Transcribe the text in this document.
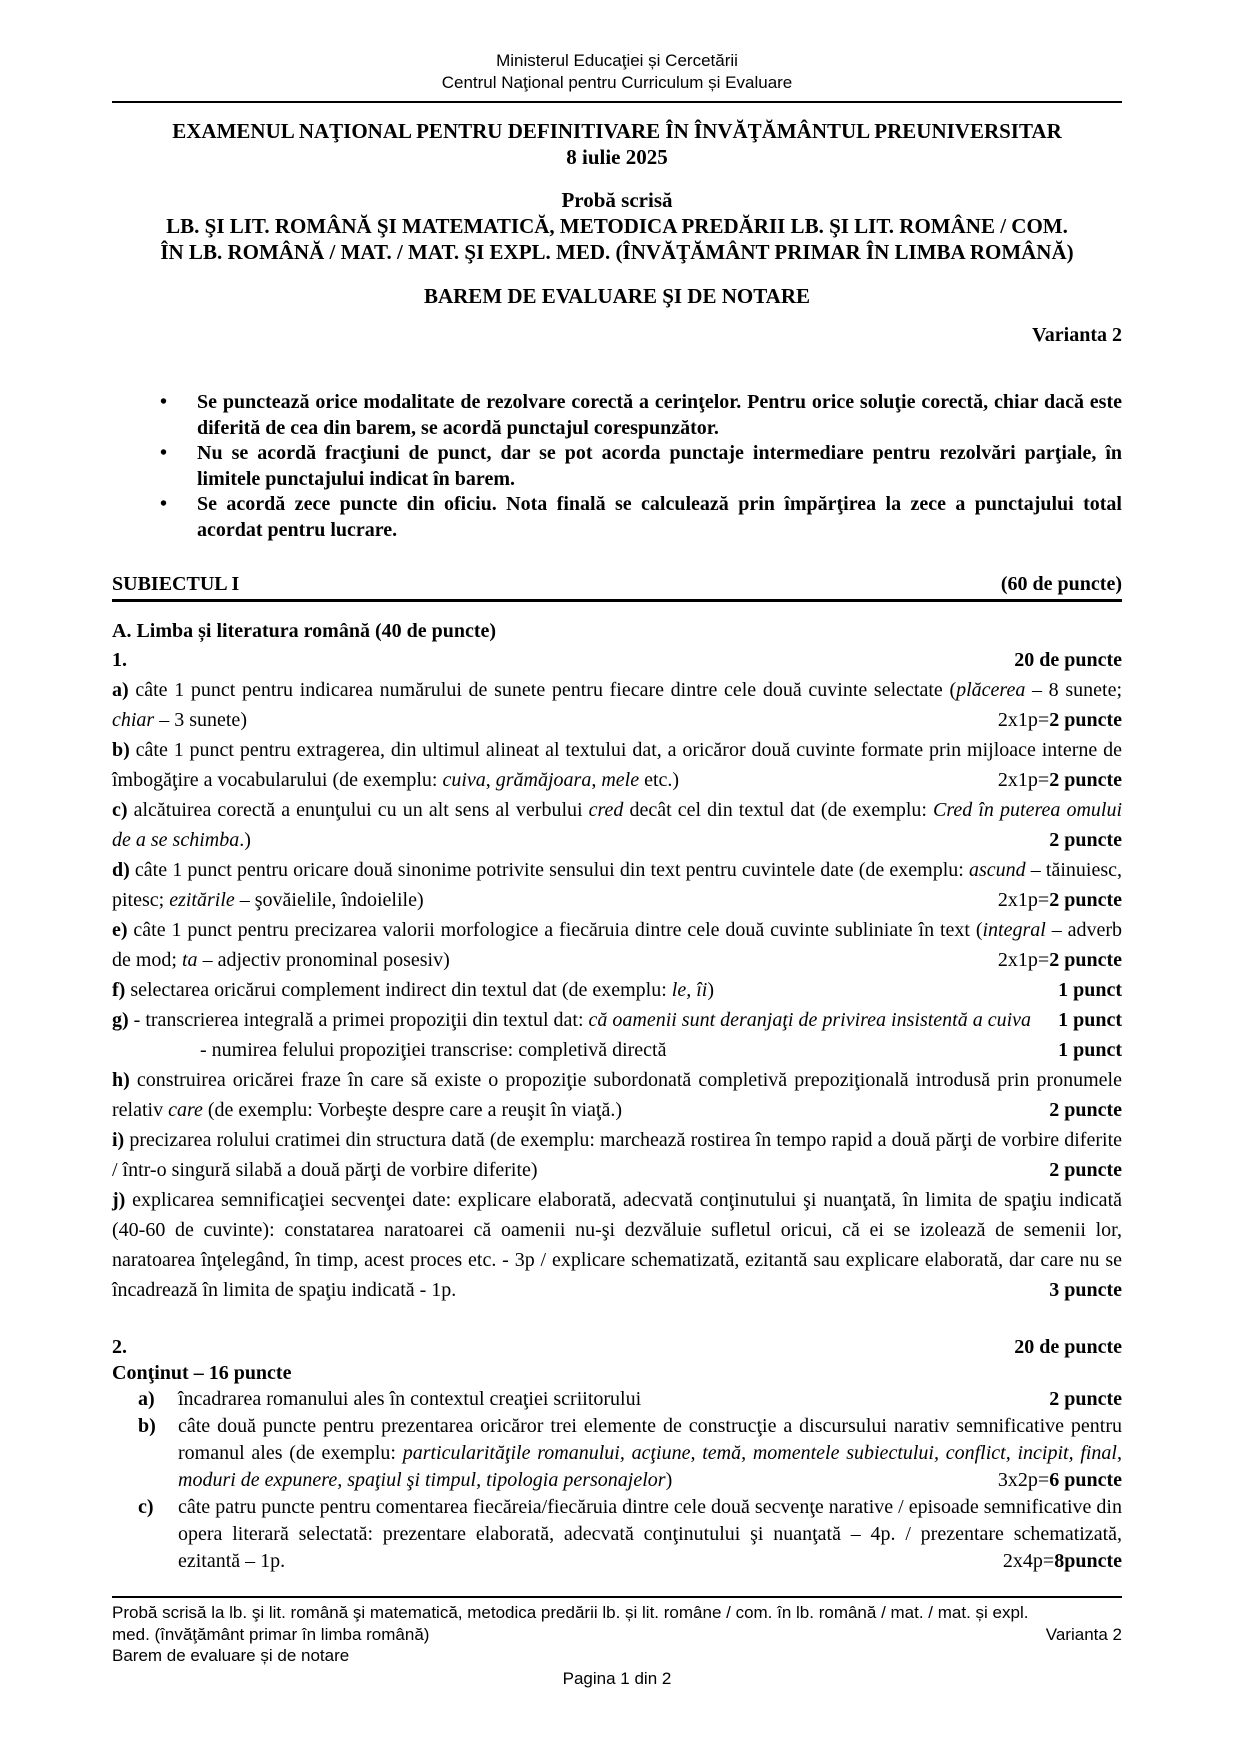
Ministerul Educaţiei și Cercetării
Centrul Naţional pentru Curriculum și Evaluare
EXAMENUL NAŢIONAL PENTRU DEFINITIVARE ÎN ÎNVĂŢĂMÂNTUL PREUNIVERSITAR
8 iulie 2025
Probă scrisă
LB. ŞI LIT. ROMÂNĂ ŞI MATEMATICĂ, METODICA PREDĂRII LB. ŞI LIT. ROMÂNE / COM.
ÎN LB. ROMÂNĂ / MAT. / MAT. ŞI EXPL. MED. (ÎNVĂŢĂMÂNT PRIMAR ÎN LIMBA ROMÂNĂ)
BAREM DE EVALUARE ŞI DE NOTARE
Varianta 2
• Se punctează orice modalitate de rezolvare corectă a cerinţelor. Pentru orice soluţie corectă, chiar dacă este diferită de cea din barem, se acordă punctajul corespunzător.
• Nu se acordă fracţiuni de punct, dar se pot acorda punctaje intermediare pentru rezolvări parţiale, în limitele punctajului indicat în barem.
• Se acordă zece puncte din oficiu. Nota finală se calculează prin împărţirea la zece a punctajului total acordat pentru lucrare.
SUBIECTUL I	(60 de puncte)
A. Limba și literatura română (40 de puncte)
1.	20 de puncte
a) câte 1 punct pentru indicarea numărului de sunete pentru fiecare dintre cele două cuvinte selectate (plăcerea – 8 sunete; chiar – 3 sunete)	2x1p=2 puncte
b) câte 1 punct pentru extragerea, din ultimul alineat al textului dat, a oricăror două cuvinte formate prin mijloace interne de îmbogăţire a vocabularului (de exemplu: cuiva, grămăjoara, mele etc.)	2x1p=2 puncte
c) alcătuirea corectă a enunţului cu un alt sens al verbului cred decât cel din textul dat (de exemplu: Cred în puterea omului de a se schimba.)	2 puncte
d) câte 1 punct pentru oricare două sinonime potrivite sensului din text pentru cuvintele date (de exemplu: ascund – tăinuiesc, pitesc; ezitările – şovăielile, îndoielile)	2x1p=2 puncte
e) câte 1 punct pentru precizarea valorii morfologice a fiecăruia dintre cele două cuvinte subliniate în text (integral – adverb de mod; ta – adjectiv pronominal posesiv)	2x1p=2 puncte
f) selectarea oricărui complement indirect din textul dat (de exemplu: le, îi)	1 punct
g) - transcrierea integrală a primei propoziţii din textul dat: că oamenii sunt deranjaţi de privirea insistentă a cuiva 1 punct
- numirea felului propoziţiei transcrise: completivă directă	1 punct
h) construirea oricărei fraze în care să existe o propoziţie subordonată completivă prepoziţională introdusă prin pronumele relativ care (de exemplu: Vorbeşte despre care a reuşit în viaţă.)	2 puncte
i) precizarea rolului cratimei din structura dată (de exemplu: marchează rostirea în tempo rapid a două părţi de vorbire diferite / într-o singură silabă a două părţi de vorbire diferite)	2 puncte
j) explicarea semnificaţiei secvenţei date: explicare elaborată, adecvată conţinutului şi nuanţată, în limita de spaţiu indicată (40-60 de cuvinte): constatarea naratoarei că oamenii nu-şi dezvăluie sufletul oricui, că ei se izolează de semenii lor, naratoarea înţelegând, în timp, acest proces etc. - 3p / explicare schematizată, ezitantă sau explicare elaborată, dar care nu se încadrează în limita de spaţiu indicată - 1p.	3 puncte
2.	20 de puncte
Conţinut – 16 puncte
a) încadrarea romanului ales în contextul creaţiei scriitorului	2 puncte
b) câte două puncte pentru prezentarea oricăror trei elemente de construcţie a discursului narativ semnificative pentru romanul ales (de exemplu: particularităţile romanului, acţiune, temă, momentele subiectului, conflict, incipit, final, moduri de expunere, spaţiul şi timpul, tipologia personajelor)	3x2p=6 puncte
c) câte patru puncte pentru comentarea fiecăreia/fiecăruia dintre cele două secvenţe narative / episoade semnificative din opera literară selectată: prezentare elaborată, adecvată conţinutului şi nuanţată – 4p. / prezentare schematizată, ezitantă – 1p.	2x4p=8puncte
Probă scrisă la lb. şi lit. română şi matematică, metodica predării lb. și lit. române / com. în lb. română / mat. / mat. și expl.
med. (învăţământ primar în limba română)	Varianta 2
Barem de evaluare și de notare
Pagina 1 din 2
